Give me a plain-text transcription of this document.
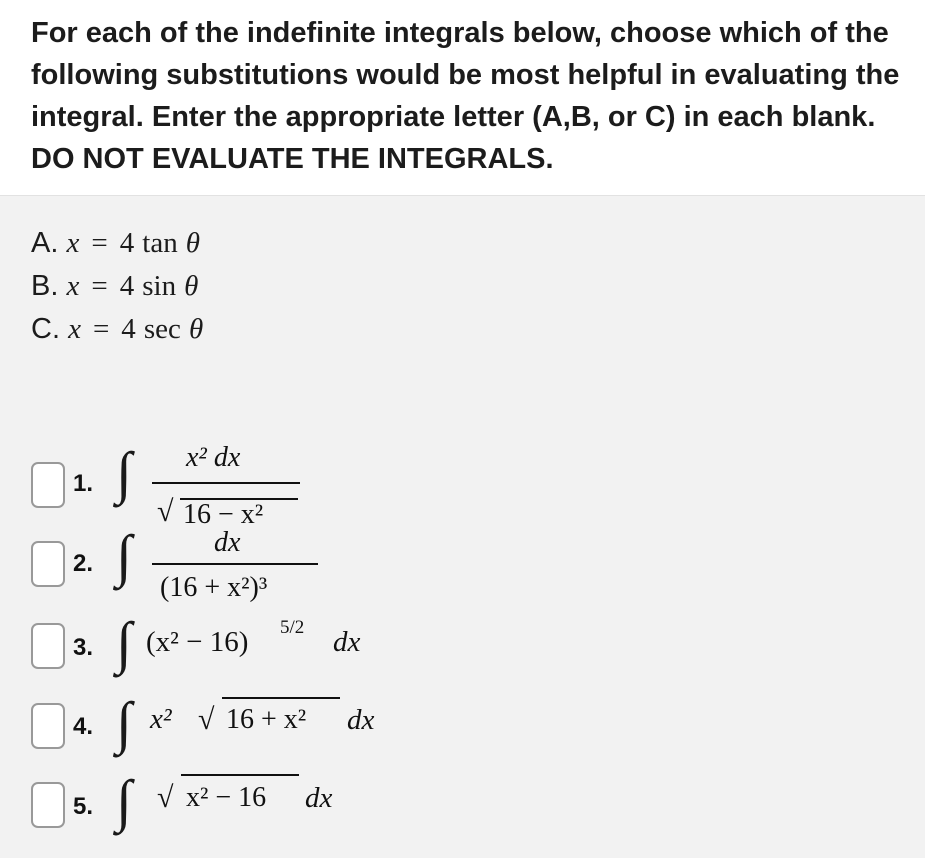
For each of the indefinite integrals below, choose which of the
following substitutions would be most helpful in evaluating the
integral. Enter the appropriate letter (A,B, or C) in each blank.
DO NOT EVALUATE THE INTEGRALS.
A. x = 4 tan θ
B. x = 4 sin θ
C. x = 4 sec θ
1. ∫ x² dx
√ 16 − x²
2. ∫	dx
(16 + x²)³
3. ∫ (x² − 16) 5/2 dx
4. ∫ x² √ 16 + x² dx
5. ∫ √ x² − 16 dx
